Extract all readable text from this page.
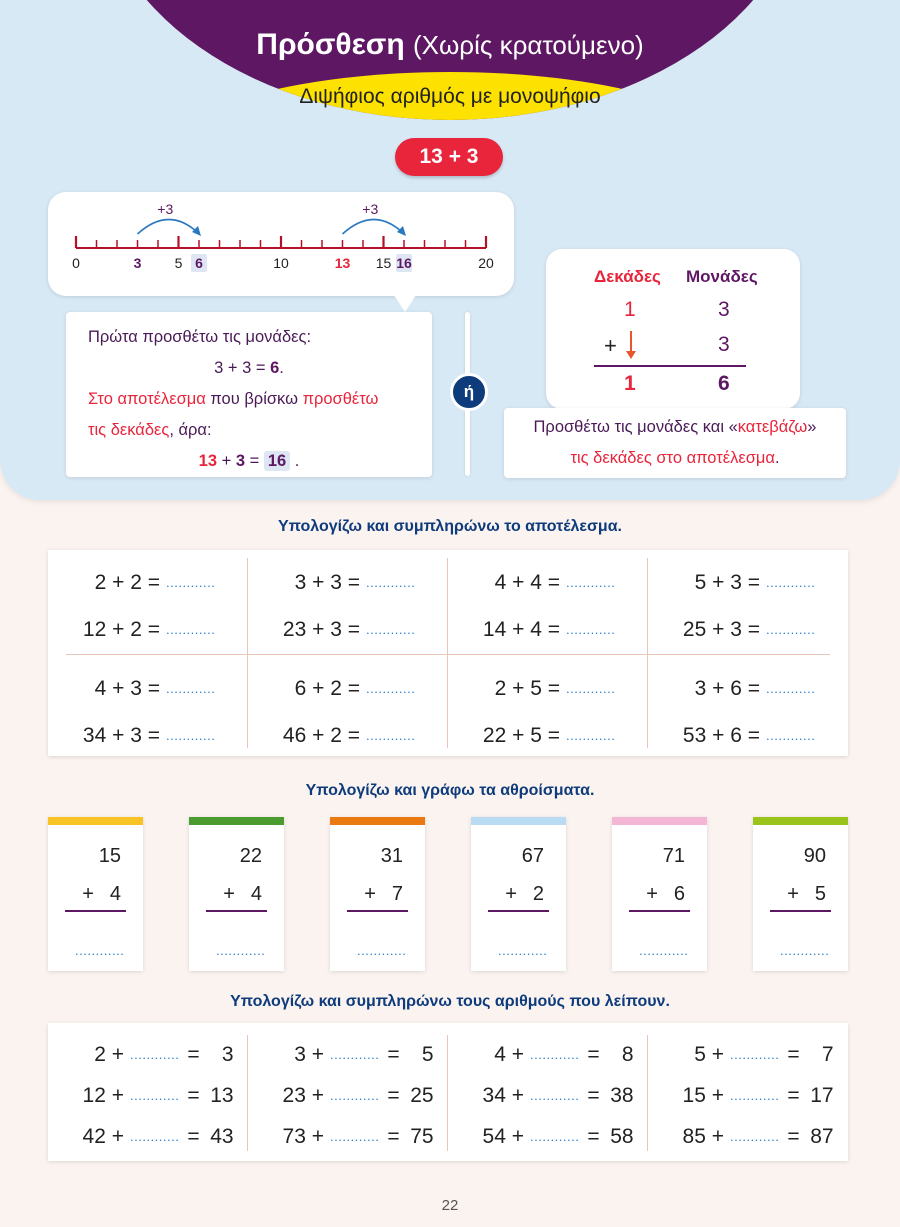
Πρόσθεση (Χωρίς κρατούμενο)
Διψήφιος αριθμός με μονοψήφιο
13 + 3
+3	+3
0	3 5 6	10	13 15 16	20
Πρώτα προσθέτω τις μονάδες:
3 + 3 = 6.
Στο αποτέλεσμα που βρίσκω προσθέτω
τις δεκάδες, άρα:
13 + 3 = 16 .
ή
Δεκάδες Μονάδες
1	3
+	3
1	6
Προσθέτω τις μονάδες και «κατεβάζω»
τις δεκάδες στο αποτέλεσμα.
Υπολογίζω και συμπληρώνω το αποτέλεσμα.
2 + 2 = ............	3 + 3 = ............	4 + 4 = ............	5 + 3 = ............
12 + 2 = ............	23 + 3 = ............	14 + 4 = ............	25 + 3 = ............
4 + 3 = ............	6 + 2 = ............	2 + 5 = ............	3 + 6 = ............
34 + 3 = ............	46 + 2 = ............	22 + 5 = ............	53 + 6 = ............
Υπολογίζω και γράφω τα αθροίσματα.
15
+ 4
............
22
+ 4
............
31
+ 7
............
67
+ 2
............
71
+ 6
............
90
+ 5
............
Υπολογίζω και συμπληρώνω τους αριθμούς που λείπουν.
2 + ............ = 3	3 + ............ = 5	4 + ............ = 8	5 + ............ = 7
12 + ............ = 13	23 + ............ = 25	34 + ............ = 38	15 + ............ = 17
42 + ............ = 43	73 + ............ = 75	54 + ............ = 58	85 + ............ = 87
22
